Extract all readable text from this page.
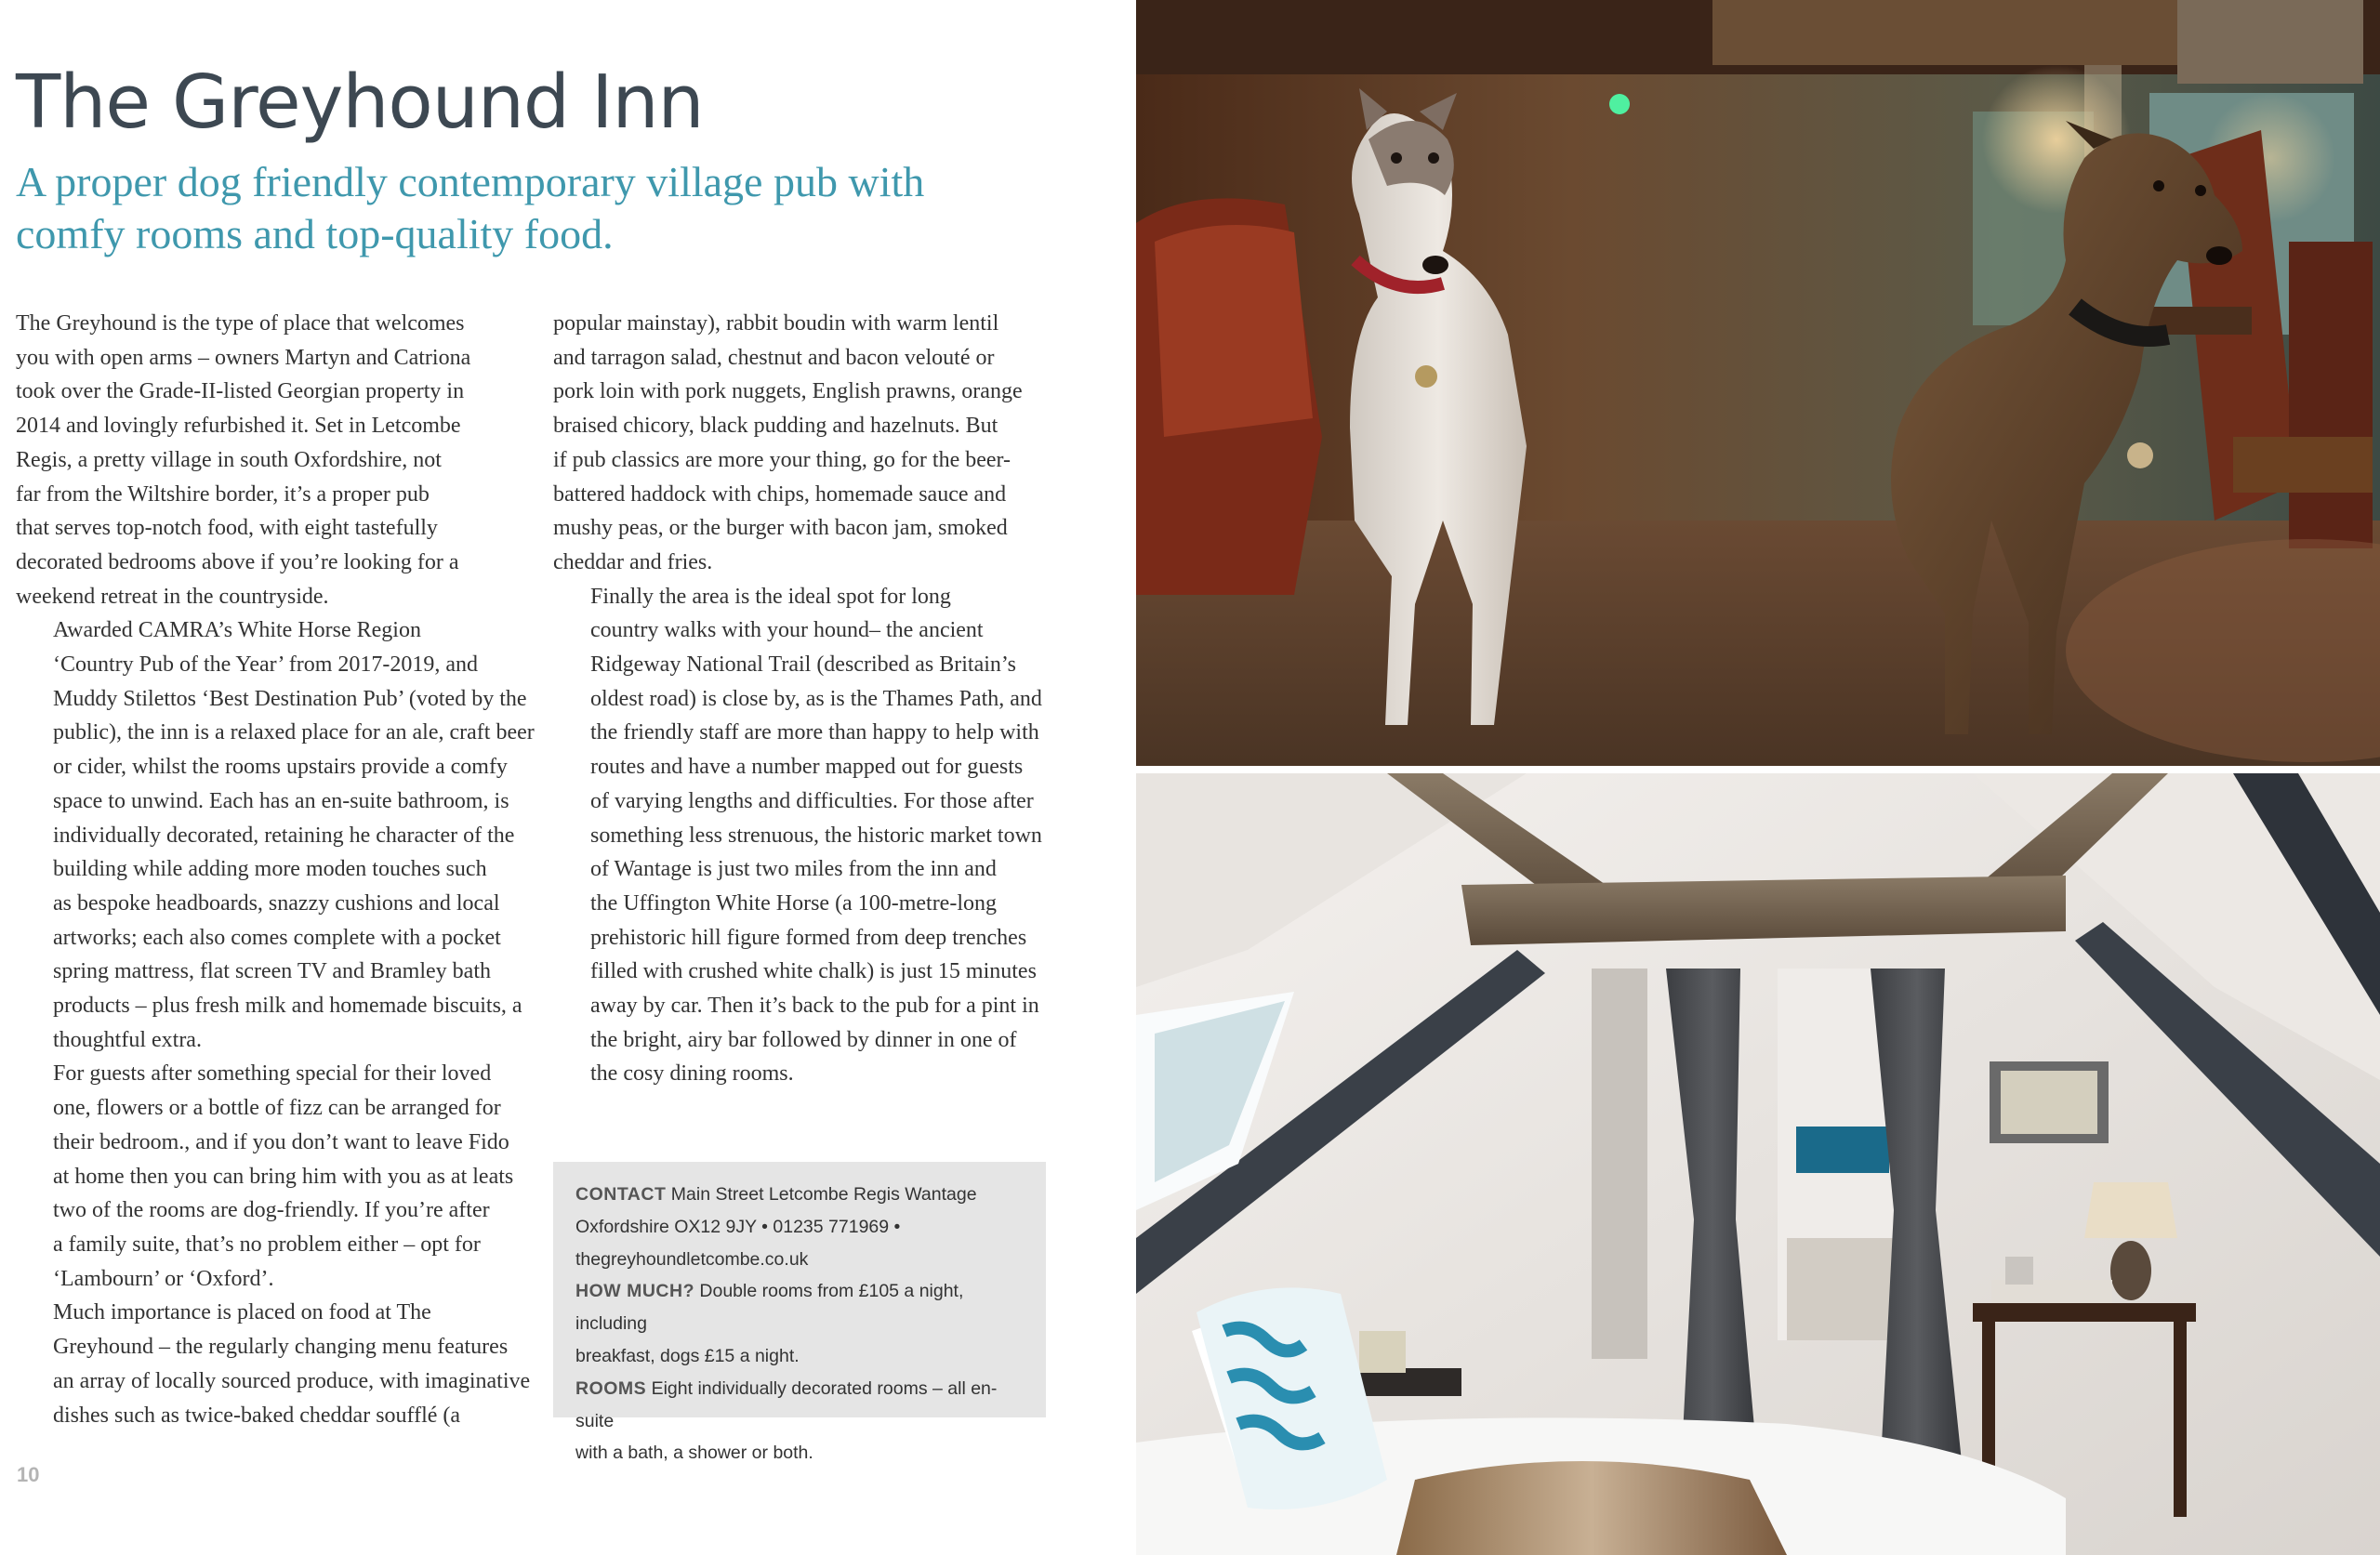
The Greyhound Inn
A proper dog friendly contemporary village pub with comfy rooms and top-quality food.

The Greyhound is the type of place that welcomes
you with open arms – owners Martyn and Catriona
took over the Grade-II-listed Georgian property in
2014 and lovingly refurbished it. Set in Letcombe
Regis, a pretty village in south Oxfordshire, not
far from the Wiltshire border, it’s a proper pub
that serves top-notch food, with eight tastefully
decorated bedrooms above if you’re looking for a
weekend retreat in the countryside.

Awarded CAMRA’s White Horse Region
‘Country Pub of the Year’ from 2017-2019, and
Muddy Stilettos ‘Best Destination Pub’ (voted by the
public), the inn is a relaxed place for an ale, craft beer
or cider, whilst the rooms upstairs provide a comfy
space to unwind. Each has an en-suite bathroom, is
individually decorated, retaining he character of the
building while adding more moden touches such
as bespoke headboards, snazzy cushions and local
artworks; each also comes complete with a pocket
spring mattress, flat screen TV and Bramley bath
products – plus fresh milk and homemade biscuits, a
thoughtful extra.

For guests after something special for their loved
one, flowers or a bottle of fizz can be arranged for
their bedroom., and if you don’t want to leave Fido
at home then you can bring him with you as at leats
two of the rooms are dog-friendly. If you’re after
a family suite, that’s no problem either – opt for
‘Lambourn’ or ‘Oxford’.

Much importance is placed on food at The
Greyhound – the regularly changing menu features
an array of locally sourced produce, with imaginative
dishes such as twice-baked cheddar soufflé (a

popular mainstay), rabbit boudin with warm lentil
and tarragon salad, chestnut and bacon velouté or
pork loin with pork nuggets, English prawns, orange
braised chicory, black pudding and hazelnuts. But
if pub classics are more your thing, go for the beer-
battered haddock with chips, homemade sauce and
mushy peas, or the burger with bacon jam, smoked
cheddar and fries.

Finally the area is the ideal spot for long
country walks with your hound– the ancient
Ridgeway National Trail (described as Britain’s
oldest road) is close by, as is the Thames Path, and
the friendly staff are more than happy to help with
routes and have a number mapped out for guests
of varying lengths and difficulties. For those after
something less strenuous, the historic market town
of Wantage is just two miles from the inn and
the Uffington White Horse (a 100-metre-long
prehistoric hill figure formed from deep trenches
filled with crushed white chalk) is just 15 minutes
away by car. Then it’s back to the pub for a pint in
the bright, airy bar followed by dinner in one of
the cosy dining rooms.

CONTACT Main Street Letcombe Regis Wantage
Oxfordshire OX12 9JY • 01235 771969 •
thegreyhoundletcombe.co.uk

HOW MUCH? Double rooms from £105 a night, including
breakfast, dogs £15 a night.

ROOMS Eight individually decorated rooms – all en-suite
with a bath, a shower or both.

10
